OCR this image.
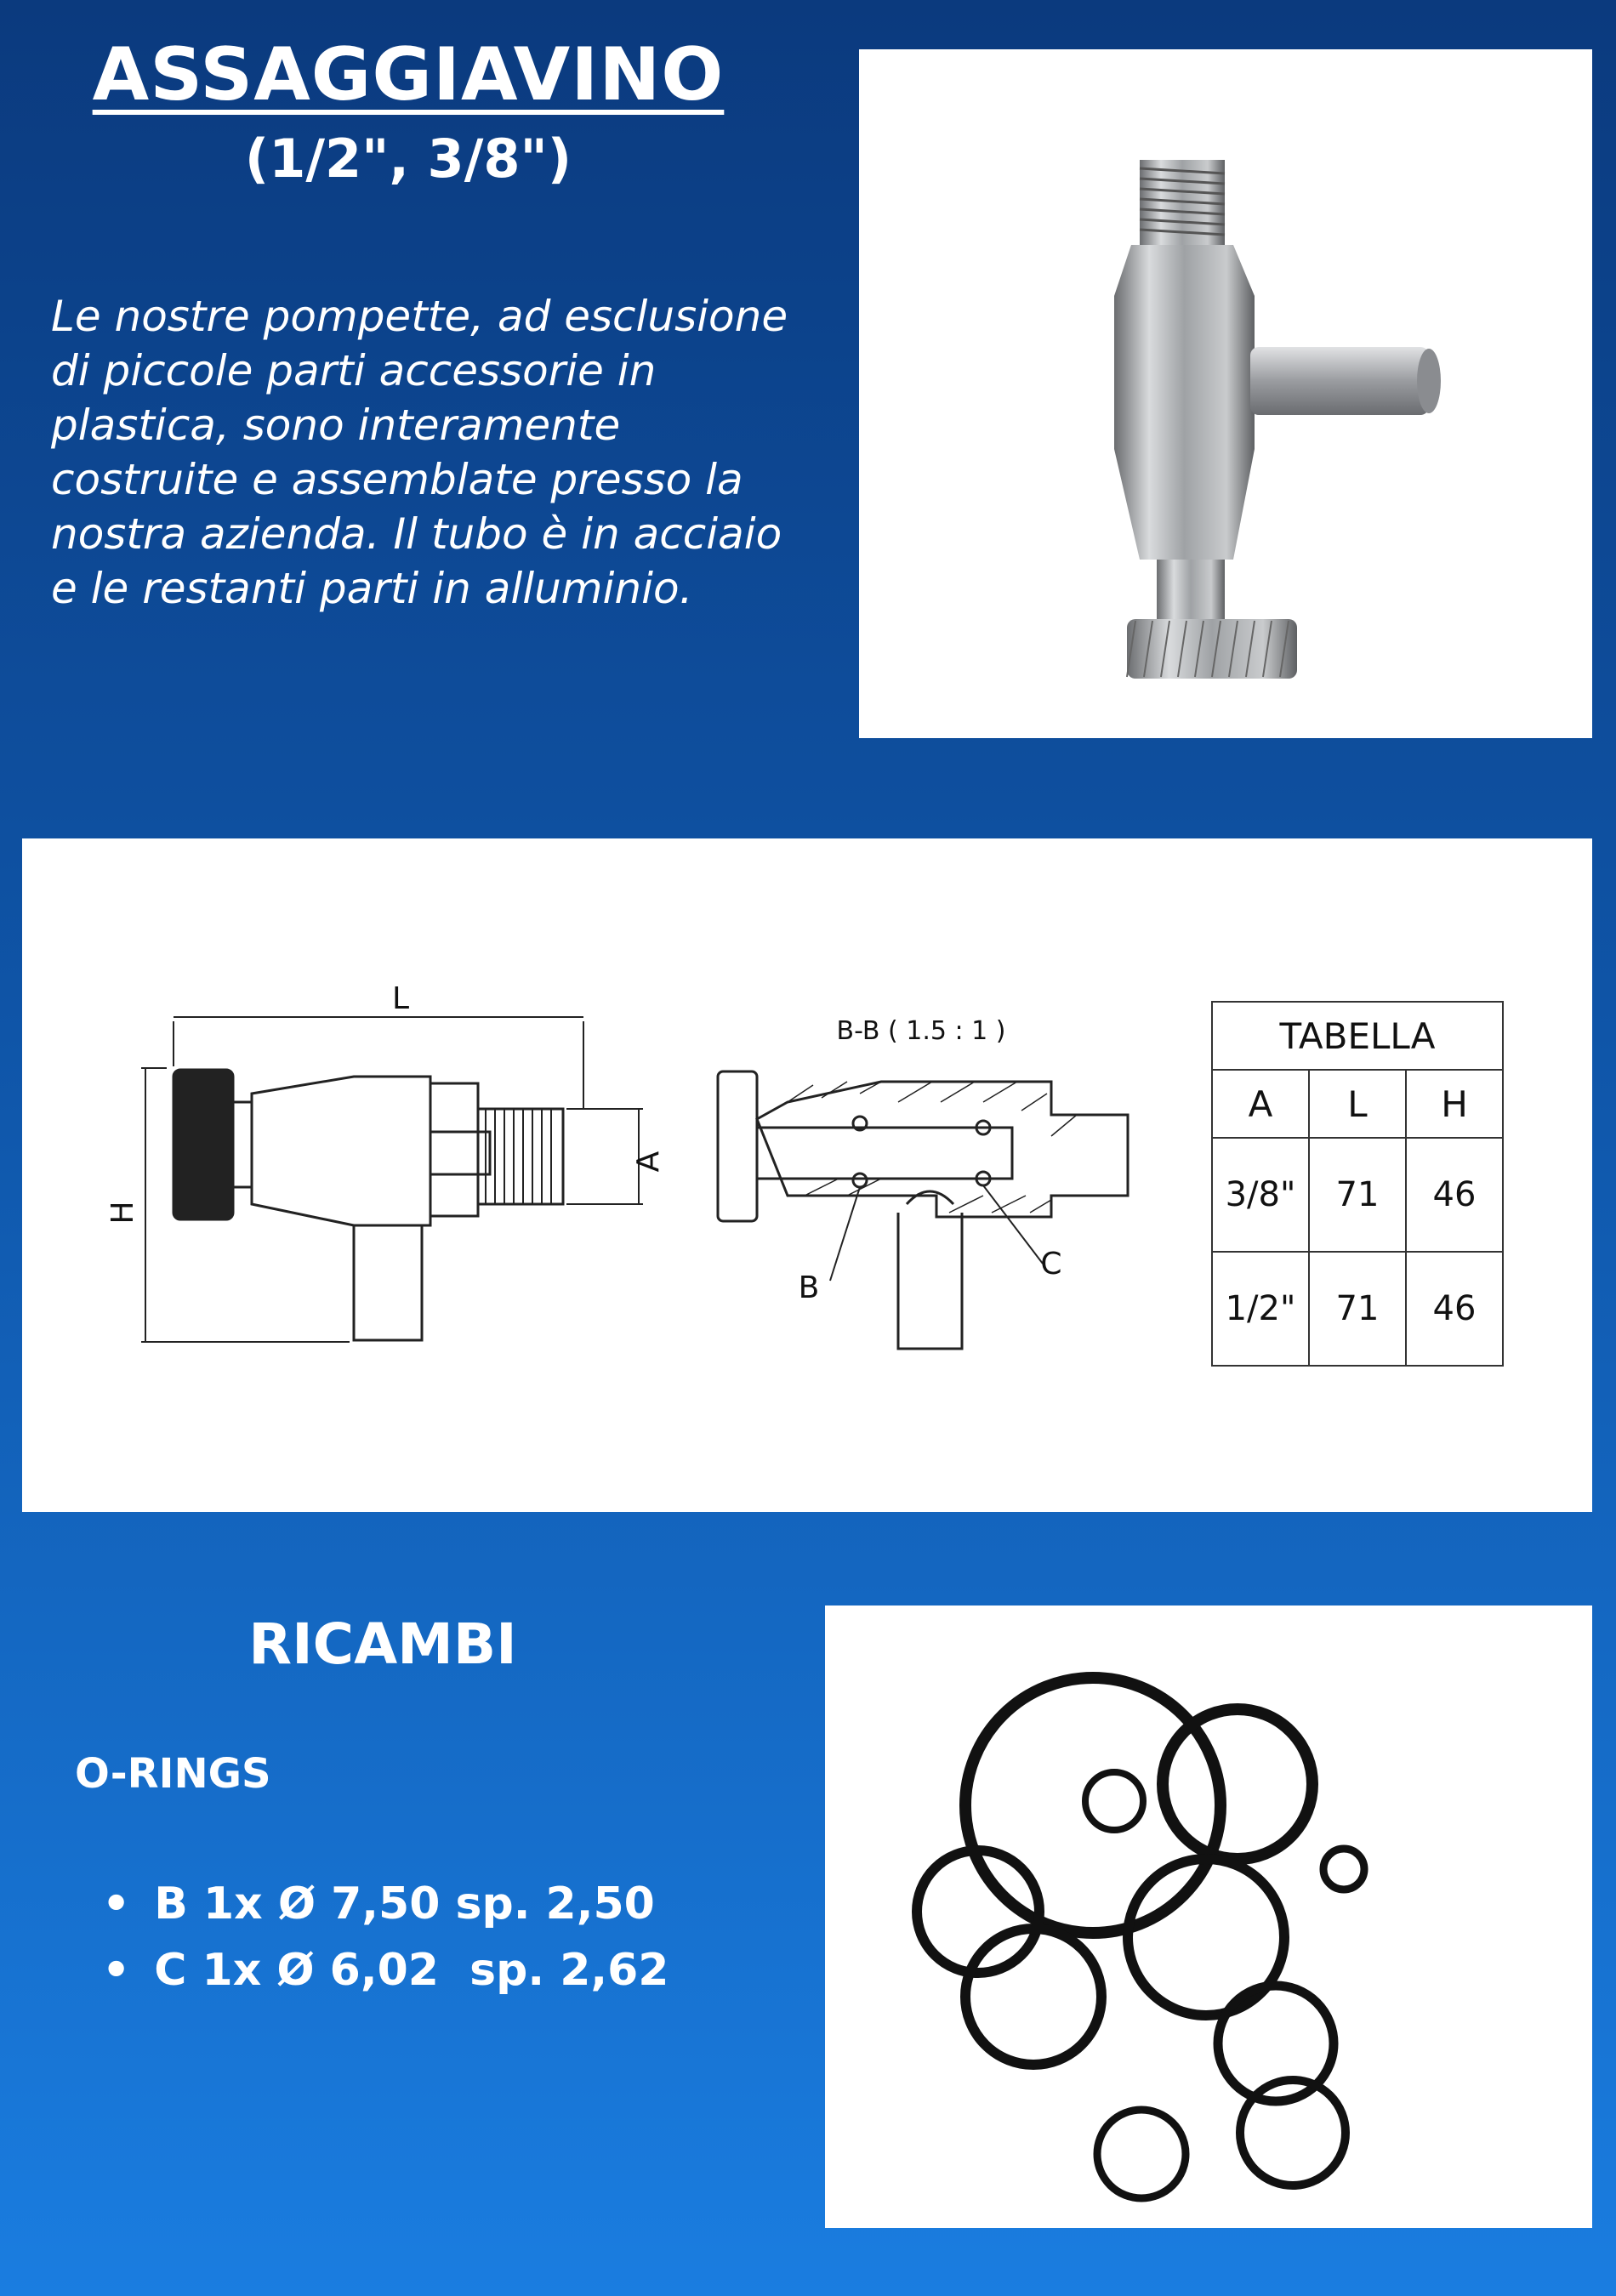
ASSAGGIAVINO
(1/2", 3/8")

Le nostre pompette, ad esclusione
di piccole parti accessorie in
plastica, sono interamente
costruite e assemblate presso la
nostra azienda. Il tubo è in acciaio
e le restanti parti in alluminio.

L
H
A
B-B ( 1.5 : 1 )
B
C
TABELLA		
A	L	H
3/8"	71	46
1/2"	71	46
RICAMBI
O-RINGS
• B 1x Ø 7,50 sp. 2,50
• C 1x Ø 6,02  sp. 2,62
